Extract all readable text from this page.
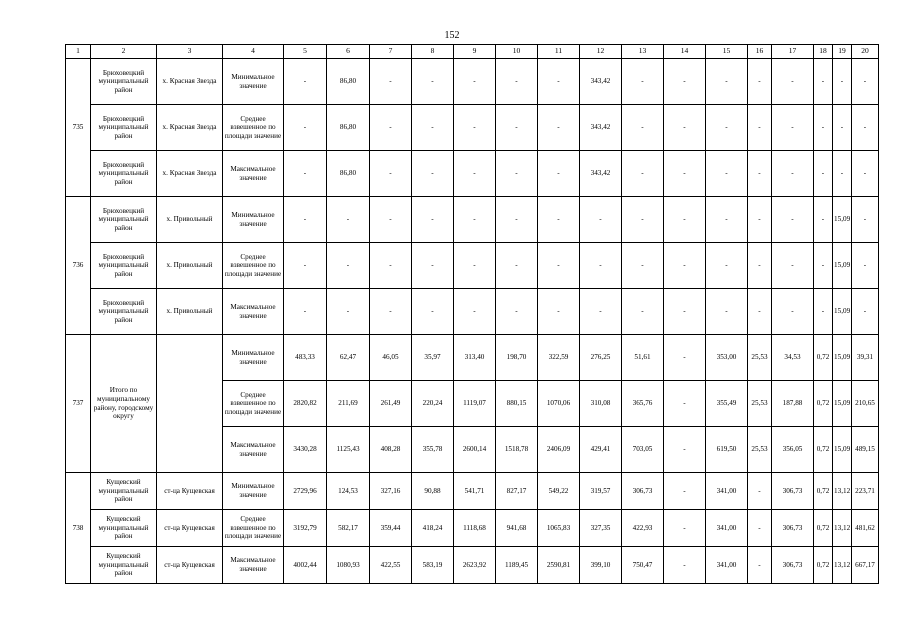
152
1	2	3	4	5	6	7	8	9	10	11	12	13	14	15	16	17	18	19	20
735	Брюховецкий муниципальный район	х. Красная Звезда	Минимальное значение	-	86,80	-	-	-	-	-	343,42	-	-	-	-	-	-	-	-
	Брюховецкий муниципальный район	х. Красная Звезда	Среднее взвешенное по площади значение	-	86,80	-	-	-	-	-	343,42	-	-	-	-	-	-	-	-
	Брюховецкий муниципальный район	х. Красная Звезда	Максимальное значение	-	86,80	-	-	-	-	-	343,42	-	-	-	-	-	-	-	-
736	Брюховецкий муниципальный район	х. Привольный	Минимальное значение	-	-	-	-	-	-	-	-	-	-	-	-	-	-	15,09	-
	Брюховецкий муниципальный район	х. Привольный	Среднее взвешенное по площади значение	-	-	-	-	-	-	-	-	-	-	-	-	-	-	15,09	-
	Брюховецкий муниципальный район	х. Привольный	Максимальное значение	-	-	-	-	-	-	-	-	-	-	-	-	-	-	15,09	-
737	Итого по муниципальному району, городскому округу		Минимальное значение	483,33	62,47	46,05	35,97	313,40	198,70	322,59	276,25	51,61	-	353,00	25,53	34,53	0,72	15,09	39,31
			Среднее взвешенное по площади значение	2820,82	211,69	261,49	220,24	1119,07	880,15	1070,06	310,08	365,76	-	355,49	25,53	187,88	0,72	15,09	210,65
			Максимальное значение	3430,28	1125,43	408,28	355,78	2600,14	1518,78	2406,09	429,41	703,05	-	619,50	25,53	356,05	0,72	15,09	489,15
738	Кущевский муниципальный район	ст-ца Кущевская	Минимальное значение	2729,96	124,53	327,16	90,88	541,71	827,17	549,22	319,57	306,73	-	341,00	-	306,73	0,72	13,12	223,71
	Кущевский муниципальный район	ст-ца Кущевская	Среднее взвешенное по площади значение	3192,79	582,17	359,44	418,24	1118,68	941,68	1065,83	327,35	422,93	-	341,00	-	306,73	0,72	13,12	481,62
	Кущевский муниципальный район	ст-ца Кущевская	Максимальное значение	4002,44	1080,93	422,55	583,19	2623,92	1189,45	2590,81	399,10	750,47	-	341,00	-	306,73	0,72	13,12	667,17
